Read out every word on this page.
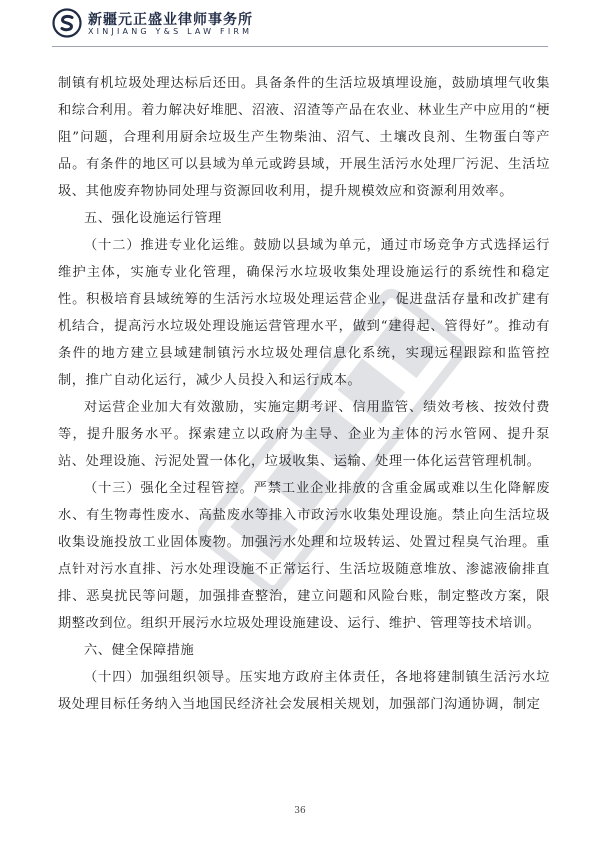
新疆元正盛业律师事务所
XINJIANG Y&S LAW FIRM

制镇有机垃圾处理达标后还田。具备条件的生活垃圾填埋设施，鼓励填埋气收集和综合利用。着力解决好堆肥、沼液、沼渣等产品在农业、林业生产中应用的“梗阻”问题，合理利用厨余垃圾生产生物柴油、沼气、土壤改良剂、生物蛋白等产品。有条件的地区可以县域为单元或跨县域，开展生活污水处理厂污泥、生活垃圾、其他废弃物协同处理与资源回收利用，提升规模效应和资源利用效率。

五、强化设施运行管理

（十二）推进专业化运维。鼓励以县域为单元，通过市场竞争方式选择运行维护主体，实施专业化管理，确保污水垃圾收集处理设施运行的系统性和稳定性。积极培育县域统筹的生活污水垃圾处理运营企业，促进盘活存量和改扩建有机结合，提高污水垃圾处理设施运营管理水平，做到“建得起、管得好”。推动有条件的地方建立县域建制镇污水垃圾处理信息化系统，实现远程跟踪和监管控制，推广自动化运行，减少人员投入和运行成本。

对运营企业加大有效激励，实施定期考评、信用监管、绩效考核、按效付费等，提升服务水平。探索建立以政府为主导、企业为主体的污水管网、提升泵站、处理设施、污泥处置一体化，垃圾收集、运输、处理一体化运营管理机制。

（十三）强化全过程管控。严禁工业企业排放的含重金属或难以生化降解废水、有生物毒性废水、高盐废水等排入市政污水收集处理设施。禁止向生活垃圾收集设施投放工业固体废物。加强污水处理和垃圾转运、处置过程臭气治理。重点针对污水直排、污水处理设施不正常运行、生活垃圾随意堆放、渗滤液偷排直排、恶臭扰民等问题，加强排查整治，建立问题和风险台账，制定整改方案，限期整改到位。组织开展污水垃圾处理设施建设、运行、维护、管理等技术培训。

六、健全保障措施

（十四）加强组织领导。压实地方政府主体责任，各地将建制镇生活污水垃圾处理目标任务纳入当地国民经济社会发展相关规划，加强部门沟通协调，制定

36
